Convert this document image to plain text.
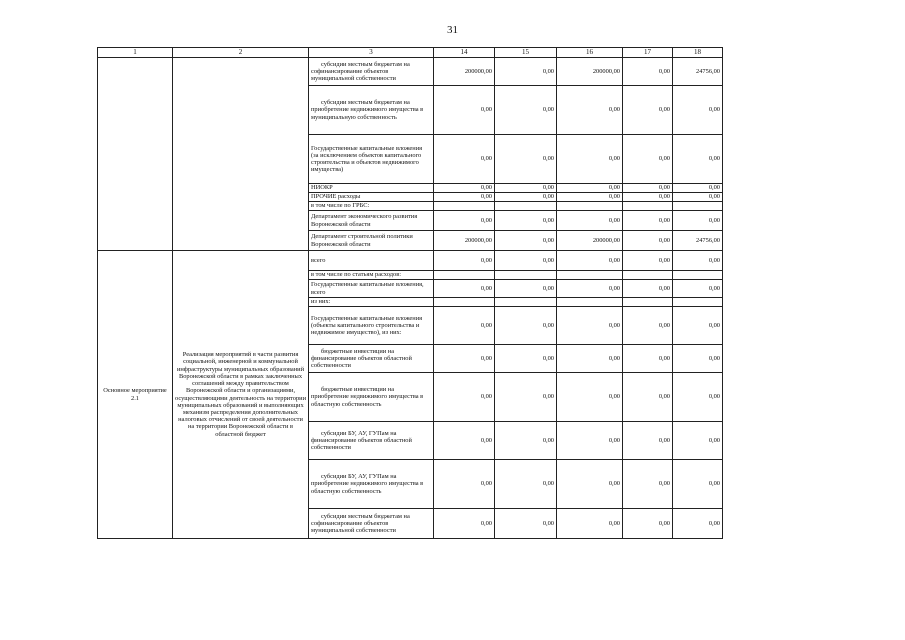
31
1	2	3	14	15	16	17	18
		субсидии местным бюджетам на софинансирование объектов муниципальной собственности	200000,00	0,00	200000,00	0,00	24756,00
		субсидии местным бюджетам на приобретение недвижимого имущества в муниципальную собственность	0,00	0,00	0,00	0,00	0,00
		Государственные капитальные вложения (за исключением объектов капитального строительства и объектов недвижимого имущества)	0,00	0,00	0,00	0,00	0,00
		НИОКР	0,00	0,00	0,00	0,00	0,00
		ПРОЧИЕ расходы	0,00	0,00	0,00	0,00	0,00
		в том числе по ГРБС:					
		Департамент экономического развития Воронежской области	0,00	0,00	0,00	0,00	0,00
		Департамент строительной политики Воронежской области	200000,00	0,00	200000,00	0,00	24756,00
Основное мероприятие 2.1	Реализация мероприятий в части развития социальной, инженерной и коммунальной инфраструктуры муниципальных образований Воронежской области в рамках заключенных соглашений между правительством Воронежской области и организациями, осуществляющими деятельность на территории муниципальных образований и выполняющих механизм распределения дополнительных налоговых отчислений от своей деятельности на территории Воронежской области в областной бюджет	всего	0,00	0,00	0,00	0,00	0,00
		в том числе по статьям расходов:					
		Государственные капитальные вложения, всего	0,00	0,00	0,00	0,00	0,00
		из них:					
		Государственные капитальные вложения (объекты капитального строительства и недвижимое имущество), из них:	0,00	0,00	0,00	0,00	0,00
		бюджетные инвестиции на финансирование объектов областной собственности	0,00	0,00	0,00	0,00	0,00
		бюджетные инвестиции на приобретение недвижимого имущества в областную собственность	0,00	0,00	0,00	0,00	0,00
		субсидии БУ, АУ, ГУПам на финансирование объектов областной собственности	0,00	0,00	0,00	0,00	0,00
		субсидии БУ, АУ, ГУПам на приобретение недвижимого имущества в областную собственность	0,00	0,00	0,00	0,00	0,00
		субсидии местным бюджетам на софинансирование объектов муниципальной собственности	0,00	0,00	0,00	0,00	0,00
